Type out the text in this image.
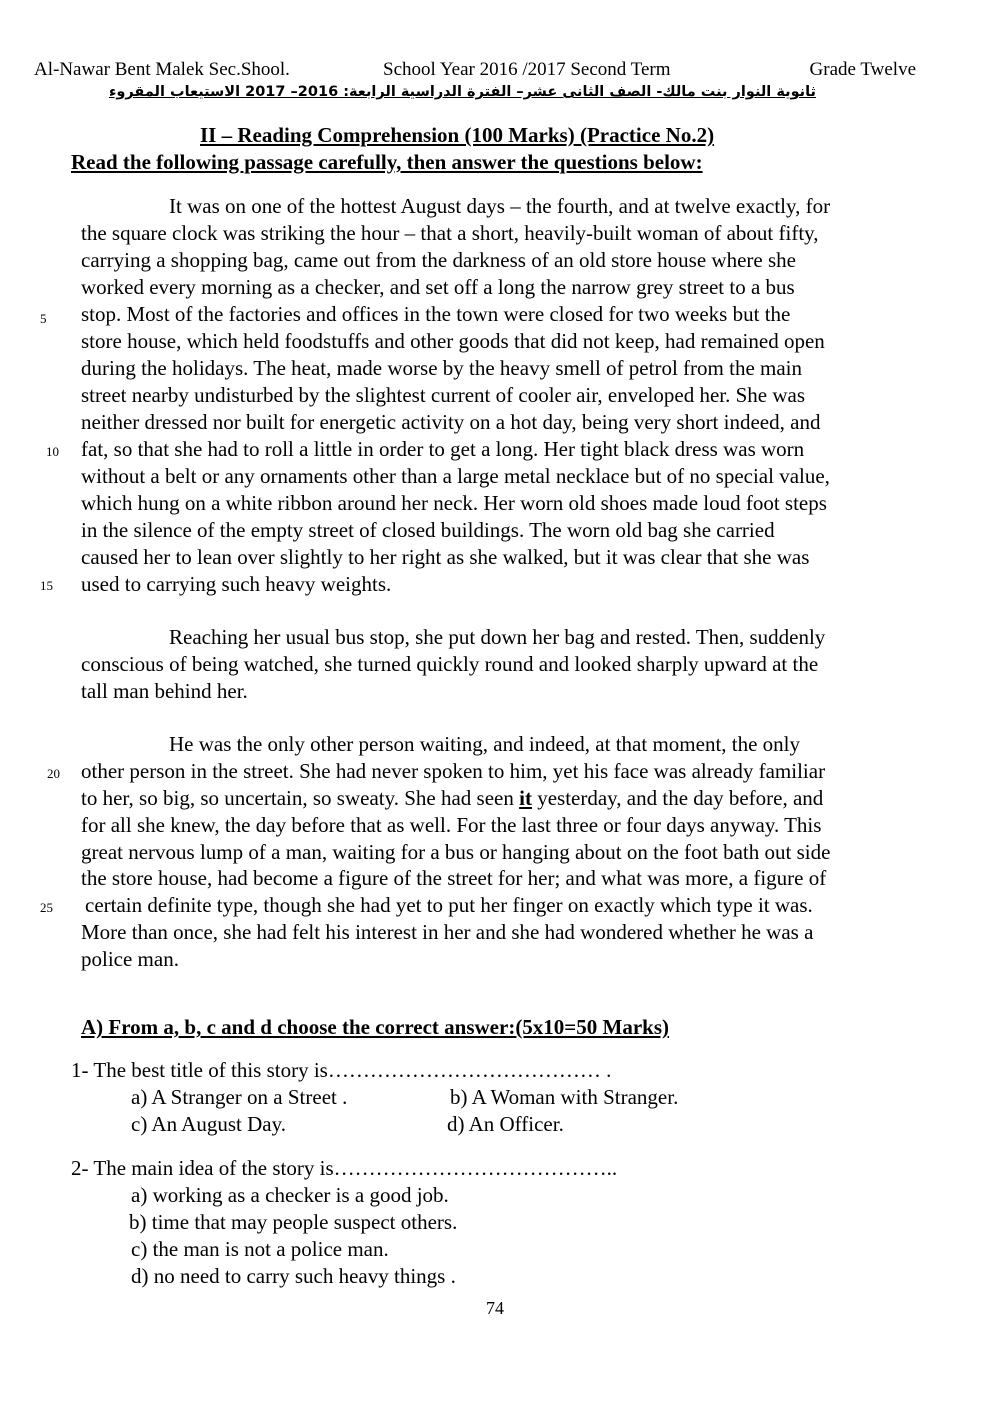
Al-Nawar Bent Malek Sec.Shool.	School Year 2016 /2017 Second Term	Grade Twelve
ثانوية النوار بنت مالك- الصف الثانى عشر– الفترة الدراسية الرابعة: 2016– 2017 الاستيعاب المقروء
II – Reading Comprehension (100 Marks) (Practice No.2)
Read the following passage carefully, then answer the questions below:
It was on one of the hottest August days – the fourth, and at twelve exactly, for
the square clock was striking the hour – that a short, heavily-built woman of about fifty,
carrying a shopping bag, came out from the darkness of an old store house where she
worked every morning as a checker, and set off a long the narrow grey street to a bus
stop. Most of the factories and offices in the town were closed for two weeks but the
store house, which held foodstuffs and other goods that did not keep, had remained open
during the holidays. The heat, made worse by the heavy smell of petrol from the main
street nearby undisturbed by the slightest current of cooler air, enveloped her. She was
neither dressed nor built for energetic activity on a hot day, being very short indeed, and
fat, so that she had to roll a little in order to get a long. Her tight black dress was worn
without a belt or any ornaments other than a large metal necklace but of no special value,
which hung on a white ribbon around her neck. Her worn old shoes made loud foot steps
in the silence of the empty street of closed buildings. The worn old bag she carried
caused her to lean over slightly to her right as she walked, but it was clear that she was
used to carrying such heavy weights.
Reaching her usual bus stop, she put down her bag and rested. Then, suddenly
conscious of being watched, she turned quickly round and looked sharply upward at the
tall man behind her.
He was the only other person waiting, and indeed, at that moment, the only
other person in the street. She had never spoken to him, yet his face was already familiar
to her, so big, so uncertain, so sweaty. She had seen it yesterday, and the day before, and
for all she knew, the day before that as well. For the last three or four days anyway. This
great nervous lump of a man, waiting for a bus or hanging about on the foot bath out side
the store house, had become a figure of the street for her; and what was more, a figure of
certain definite type, though she had yet to put her finger on exactly which type it was.
More than once, she had felt his interest in her and she had wondered whether he was a
police man.
5
10
15
20
25
A) From a, b, c and d choose the correct answer:(5x10=50 Marks)
1- The best title of this story is………………………………… .
a) A Stranger on a Street .	b) A Woman with Stranger.
c) An August Day.	d) An Officer.
2- The main idea of the story is…………………………………..
a) working as a checker is a good job.
b) time that may people suspect others.
c) the man is not a police man.
d) no need to carry such heavy things .
74
